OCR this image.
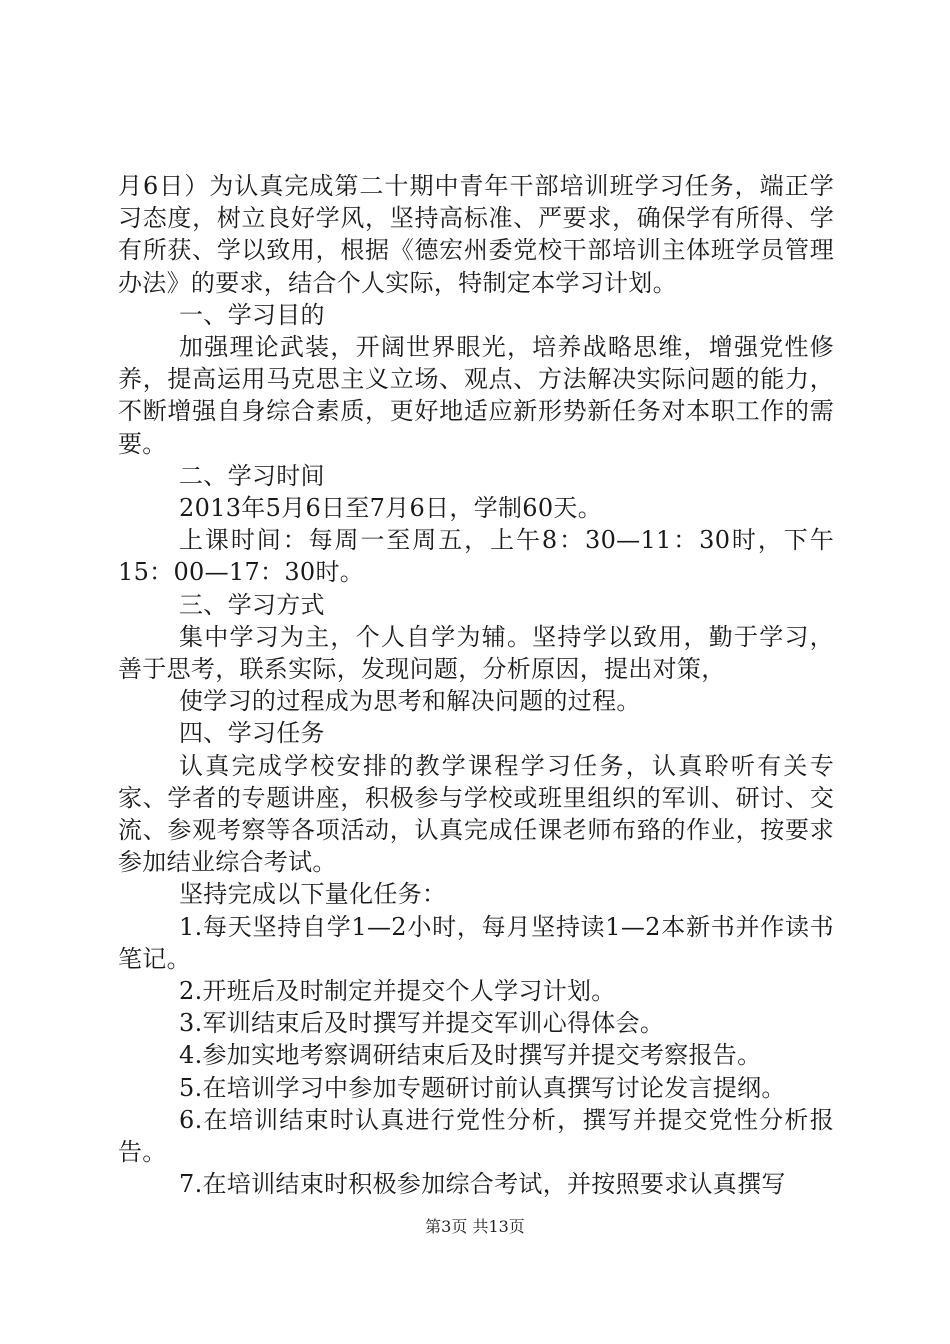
月6日）为认真完成第二十期中青年干部培训班学习任务，端正学习态度，树立良好学风，坚持高标准、严要求，确保学有所得、学有所获、学以致用，根据《德宏州委党校干部培训主体班学员管理办法》的要求，结合个人实际，特制定本学习计划。

一、学习目的

加强理论武装，开阔世界眼光，培养战略思维，增强党性修养，提高运用马克思主义立场、观点、方法解决实际问题的能力，不断增强自身综合素质，更好地适应新形势新任务对本职工作的需要。

二、学习时间

2013年5月6日至7月6日，学制60天。

上课时间：每周一至周五，上午8：30—11：30时，下午15：00—17：30时。

三、学习方式

集中学习为主，个人自学为辅。坚持学以致用，勤于学习，善于思考，联系实际，发现问题，分析原因，提出对策，

使学习的过程成为思考和解决问题的过程。

四、学习任务

认真完成学校安排的教学课程学习任务，认真聆听有关专家、学者的专题讲座，积极参与学校或班里组织的军训、研讨、交流、参观考察等各项活动，认真完成任课老师布臵的作业，按要求参加结业综合考试。

坚持完成以下量化任务：

1.每天坚持自学1—2小时，每月坚持读1—2本新书并作读书笔记。

2.开班后及时制定并提交个人学习计划。

3.军训结束后及时撰写并提交军训心得体会。

4.参加实地考察调研结束后及时撰写并提交考察报告。

5.在培训学习中参加专题研讨前认真撰写讨论发言提纲。

6.在培训结束时认真进行党性分析，撰写并提交党性分析报告。

7.在培训结束时积极参加综合考试，并按照要求认真撰写

第3页 共13页
